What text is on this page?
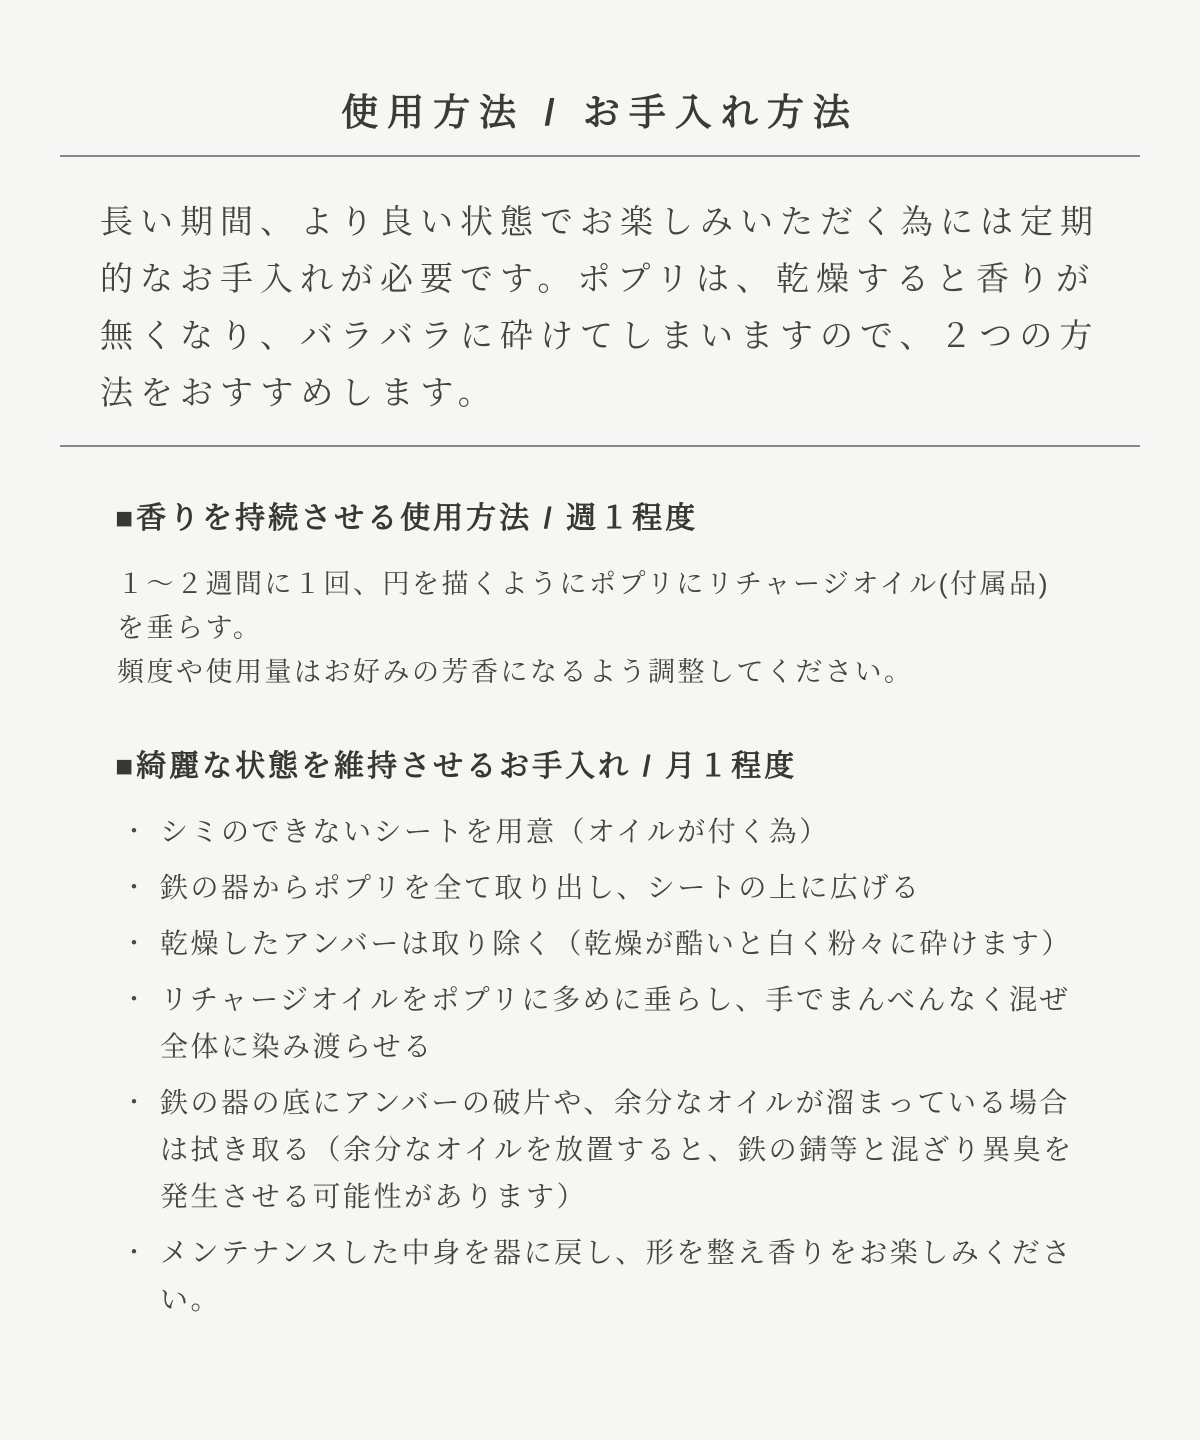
使用方法 / お手入れ方法
長い期間、より良い状態でお楽しみいただく為には定期
的なお手入れが必要です。ポプリは、乾燥すると香りが
無くなり、バラバラに砕けてしまいますので、２つの方
法をおすすめします。
■香りを持続させる使用方法 / 週１程度
１〜２週間に１回、円を描くようにポプリにリチャージオイル(付属品)
を垂らす。
頻度や使用量はお好みの芳香になるよう調整してください。
■綺麗な状態を維持させるお手入れ / 月１程度
・ シミのできないシートを用意（オイルが付く為）
・ 鉄の器からポプリを全て取り出し、シートの上に広げる
・ 乾燥したアンバーは取り除く（乾燥が酷いと白く粉々に砕けます）
・ リチャージオイルをポプリに多めに垂らし、手でまんべんなく混ぜ全体に染み渡らせる
・ 鉄の器の底にアンバーの破片や、余分なオイルが溜まっている場合は拭き取る（余分なオイルを放置すると、鉄の錆等と混ざり異臭を発生させる可能性があります）
・ メンテナンスした中身を器に戻し、形を整え香りをお楽しみください。
